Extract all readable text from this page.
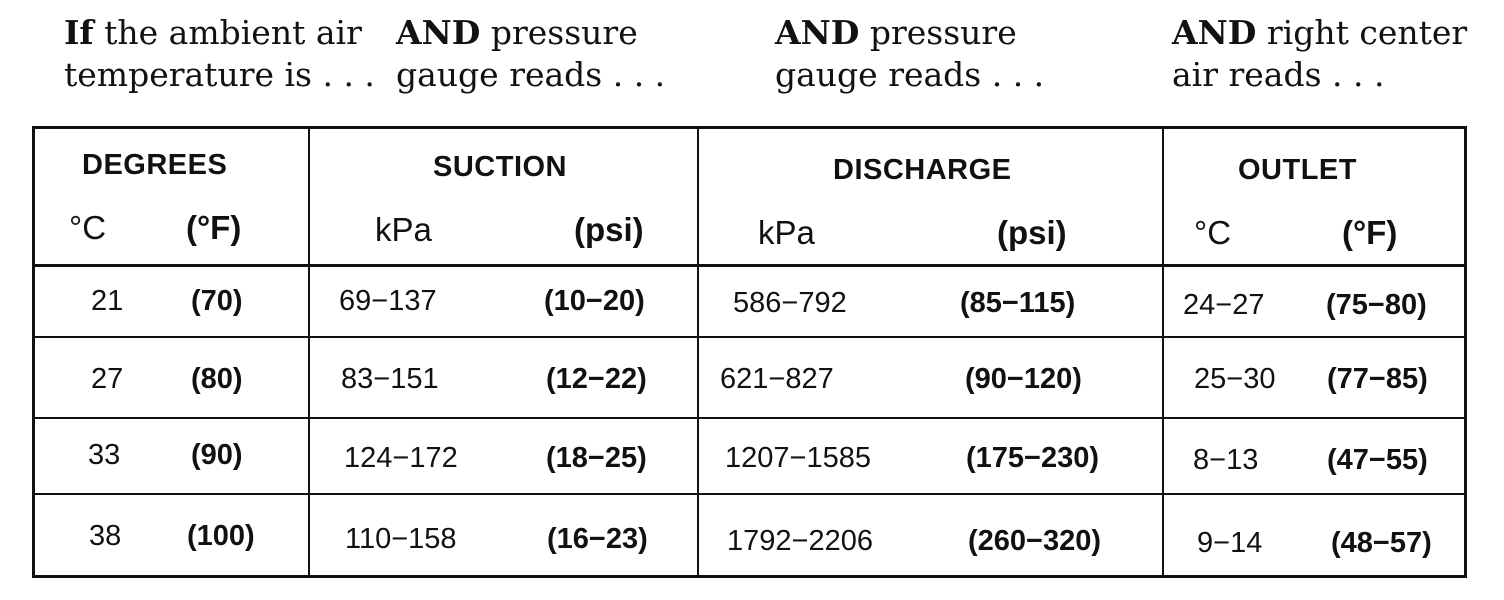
If the ambient air
temperature is . . .
AND pressure
gauge reads . . .
AND pressure
gauge reads . . .
AND right center
air reads . . .
DEGREES	SUCTION	DISCHARGE	OUTLET
°C (°F)	kPa	(psi)	kPa	(psi)	°C	(°F)
21 (70)	69−137	(10−20)	586−792	(85−115)	24−27 (75−80)
27 (80)	83−151	(12−22)	621−827	(90−120)	25−30 (77−85)
33 (90)	124−172	(18−25)	1207−1585	(175−230)	8−13 (47−55)
38 (100)	110−158	(16−23)	1792−2206	(260−320)	9−14 (48−57)
